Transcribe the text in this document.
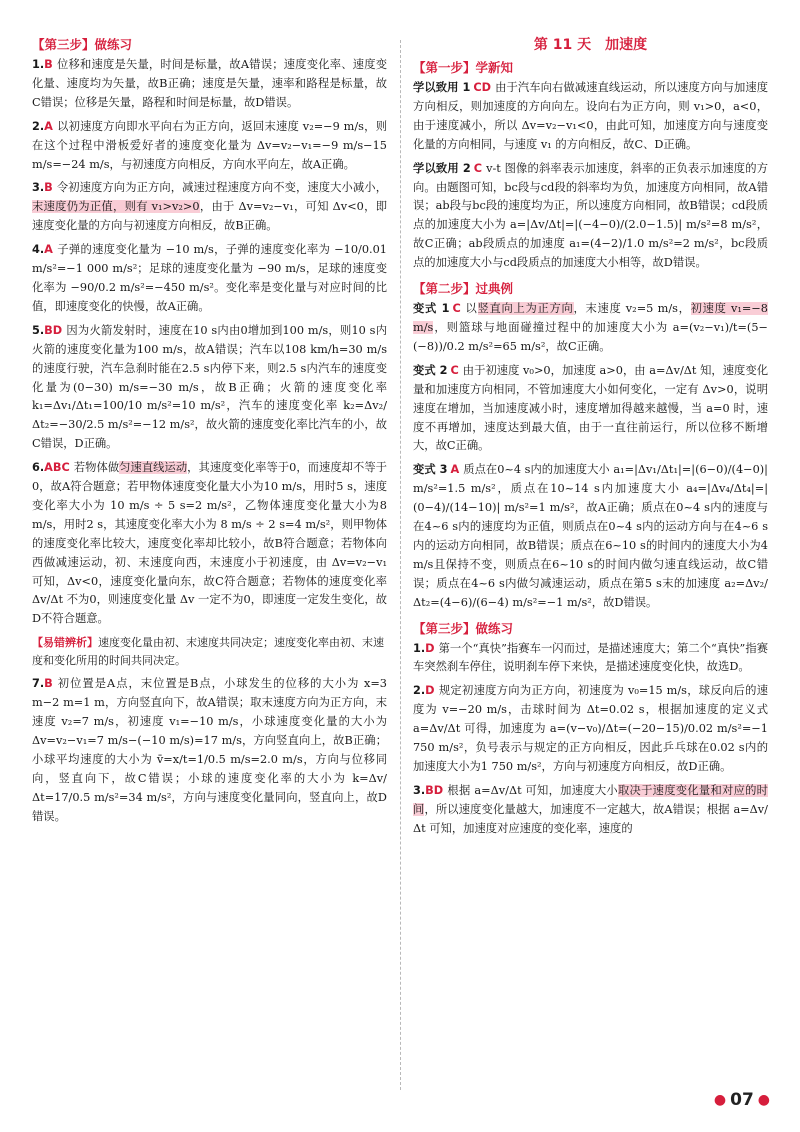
【第三步】做练习

1.B 位移和速度是矢量，时间是标量，故A错误；速度变化率、速度变化量、速度均为矢量，故B正确；速度是矢量，速率和路程是标量，故C错误；位移是矢量，路程和时间是标量，故D错误。

2.A 以初速度方向即水平向右为正方向，返回末速度 v₂=−9 m/s，则在这个过程中滑板爱好者的速度变化量为 Δv=v₂−v₁=−9 m/s−15 m/s=−24 m/s，与初速度方向相反，方向水平向左，故A正确。

3.B 令初速度方向为正方向，减速过程速度方向不变，速度大小减小，末速度仍为正值，则有 v₁>v₂>0，由于 Δv=v₂−v₁，可知 Δv<0，即速度变化量的方向与初速度方向相反，故B正确。

4.A 子弹的速度变化量为 −10 m/s，子弹的速度变化率为 −10/0.01 m/s²=−1 000 m/s²；足球的速度变化量为 −90 m/s，足球的速度变化率为 −90/0.2 m/s²=−450 m/s²。变化率是变化量与对应时间的比值，即速度变化的快慢，故A正确。

5.BD 因为火箭发射时，速度在10 s内由0增加到100 m/s，则10 s内火箭的速度变化量为100 m/s，故A错误；汽车以108 km/h=30 m/s的速度行驶，汽车急刹时能在2.5 s内停下来，则2.5 s内汽车的速度变化量为(0−30) m/s=−30 m/s，故B正确；火箭的速度变化率 k₁=Δv₁/Δt₁=100/10 m/s²=10 m/s²，汽车的速度变化率 k₂=Δv₂/Δt₂=−30/2.5 m/s²=−12 m/s²，故火箭的速度变化率比汽车的小，故C错误，D正确。

6.ABC 若物体做匀速直线运动，其速度变化率等于0，而速度却不等于0，故A符合题意；若甲物体速度变化量大小为10 m/s，用时5 s，速度变化率大小为 10 m/s ÷ 5 s=2 m/s²，乙物体速度变化量大小为8 m/s，用时2 s，其速度变化率大小为 8 m/s ÷ 2 s=4 m/s²，则甲物体的速度变化率比较大，速度变化率却比较小，故B符合题意；若物体向西做减速运动，初、末速度向西，末速度小于初速度，由 Δv=v₂−v₁ 可知，Δv<0，速度变化量向东，故C符合题意；若物体的速度变化率 Δv/Δt 不为0，则速度变化量 Δv 一定不为0，即速度一定发生变化，故D不符合题意。

【易错辨析】速度变化量由初、末速度共同决定；速度变化率由初、末速度和变化所用的时间共同决定。

7.B 初位置是A点，末位置是B点，小球发生的位移的大小为 x=3 m−2 m=1 m，方向竖直向下，故A错误；取末速度方向为正方向，末速度 v₂=7 m/s，初速度 v₁=−10 m/s，小球速度变化量的大小为 Δv=v₂−v₁=7 m/s−(−10 m/s)=17 m/s，方向竖直向上，故B正确；小球平均速度的大小为 v̄=x/t=1/0.5 m/s=2.0 m/s，方向与位移同向，竖直向下，故C错误；小球的速度变化率的大小为 k=Δv/Δt=17/0.5 m/s²=34 m/s²，方向与速度变化量同向，竖直向上，故D错误。

第 11 天　加速度
【第一步】学新知

学以致用 1 CD 由于汽车向右做减速直线运动，所以速度方向与加速度方向相反，则加速度的方向向左。设向右为正方向，则 v₁>0，a<0，由于速度减小，所以 Δv=v₂−v₁<0，由此可知，加速度方向与速度变化量的方向相同，与速度 v₁ 的方向相反，故C、D正确。

学以致用 2 C v-t 图像的斜率表示加速度，斜率的正负表示加速度的方向。由题图可知，bc段与cd段的斜率均为负，加速度方向相同，故A错误；ab段与bc段的速度均为正，所以速度方向相同，故B错误；cd段质点的加速度大小为 a=|Δv/Δt|=|(−4−0)/(2.0−1.5)| m/s²=8 m/s²，故C正确；ab段质点的加速度 a₁=(4−2)/1.0 m/s²=2 m/s²，bc段质点的加速度大小与cd段质点的加速度大小相等，故D错误。

【第二步】过典例

变式 1 C 以竖直向上为正方向，末速度 v₂=5 m/s，初速度 v₁=−8 m/s，则篮球与地面碰撞过程中的加速度大小为 a=(v₂−v₁)/t=(5−(−8))/0.2 m/s²=65 m/s²，故C正确。

变式 2 C 由于初速度 v₀>0，加速度 a>0，由 a=Δv/Δt 知，速度变化量和加速度方向相同，不管加速度大小如何变化，一定有 Δv>0，说明速度在增加，当加速度减小时，速度增加得越来越慢，当 a=0 时，速度不再增加，速度达到最大值，由于一直往前运行，所以位移不断增大，故C正确。

变式 3 A 质点在0~4 s内的加速度大小 a₁=|Δv₁/Δt₁|=|(6−0)/(4−0)| m/s²=1.5 m/s²，质点在10~14 s内加速度大小 a₄=|Δv₄/Δt₄|=|(0−4)/(14−10)| m/s²=1 m/s²，故A正确；质点在0~4 s内的速度与在4~6 s内的速度均为正值，则质点在0~4 s内的运动方向与在4~6 s内的运动方向相同，故B错误；质点在6~10 s的时间内的速度大小为4 m/s且保持不变，则质点在6~10 s的时间内做匀速直线运动，故C错误；质点在4~6 s内做匀减速运动，质点在第5 s末的加速度 a₂=Δv₂/Δt₂=(4−6)/(6−4) m/s²=−1 m/s²，故D错误。

【第三步】做练习

1.D 第一个“真快”指赛车一闪而过，是描述速度大；第二个“真快”指赛车突然刹车停住，说明刹车停下来快，是描述速度变化快，故选D。

2.D 规定初速度方向为正方向，初速度为 v₀=15 m/s，球反向后的速度为 v=−20 m/s，击球时间为 Δt=0.02 s，根据加速度的定义式 a=Δv/Δt 可得，加速度为 a=(v−v₀)/Δt=(−20−15)/0.02 m/s²=−1 750 m/s²，负号表示与规定的正方向相反，因此乒乓球在0.02 s内的加速度大小为1 750 m/s²，方向与初速度方向相反，故D正确。

3.BD 根据 a=Δv/Δt 可知，加速度大小取决于速度变化量和对应的时间，所以速度变化量越大，加速度不一定越大，故A错误；根据 a=Δv/Δt 可知，加速度对应速度的变化率，速度的

● 07 ●
